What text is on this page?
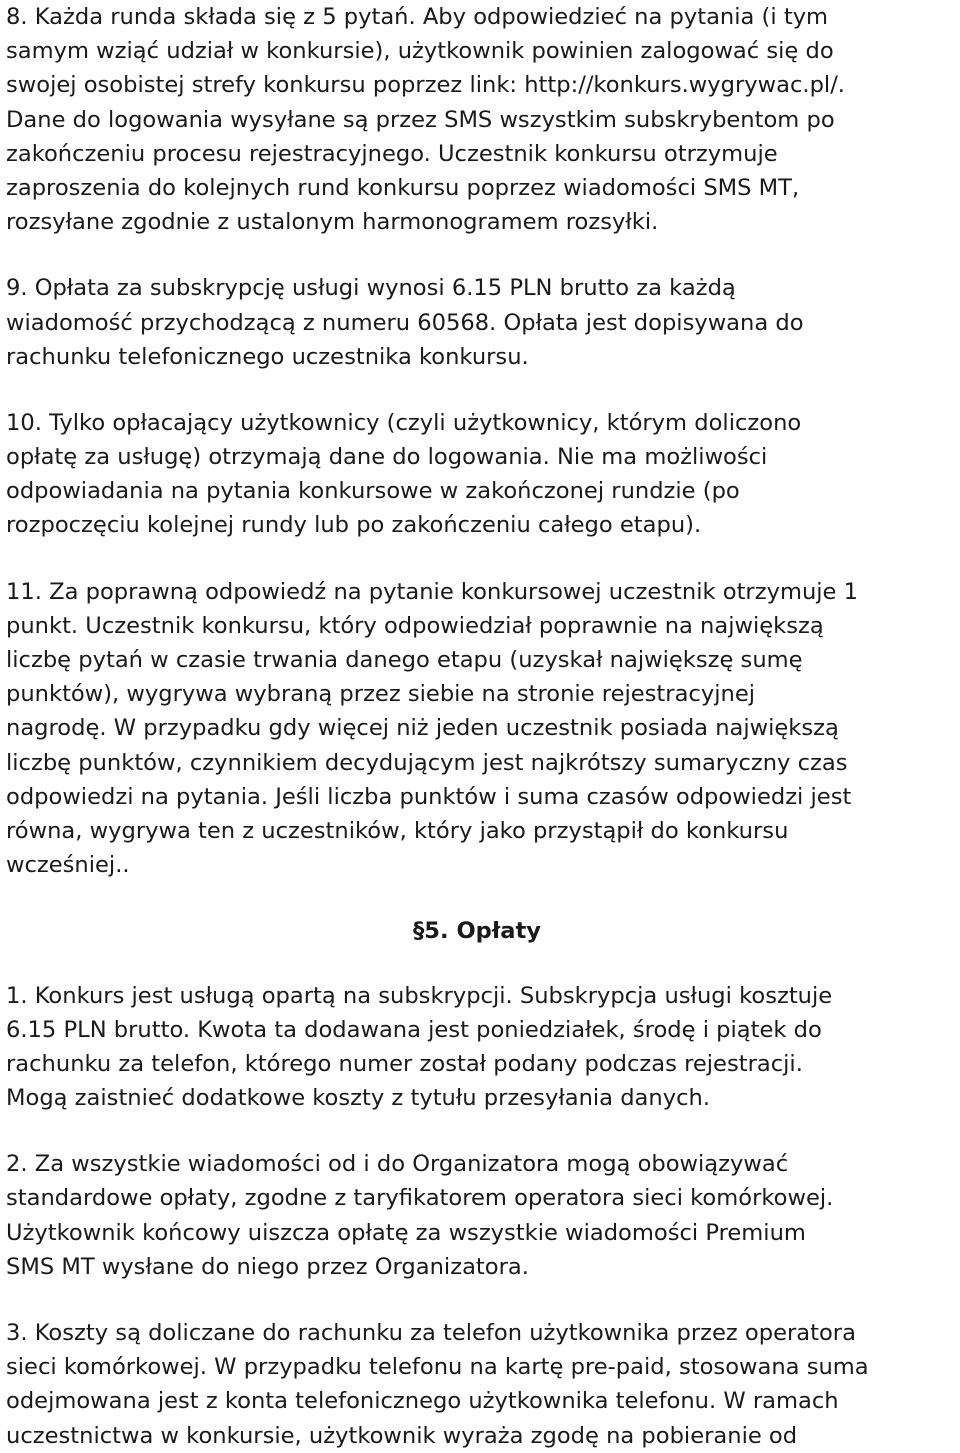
8. Każda runda składa się z 5 pytań. Aby odpowiedzieć na pytania (i tym
samym wziąć udział w konkursie), użytkownik powinien zalogować się do
swojej osobistej strefy konkursu poprzez link: http://konkurs.wygrywac.pl/.
Dane do logowania wysyłane są przez SMS wszystkim subskrybentom po
zakończeniu procesu rejestracyjnego. Uczestnik konkursu otrzymuje
zaproszenia do kolejnych rund konkursu poprzez wiadomości SMS MT,
rozsyłane zgodnie z ustalonym harmonogramem rozsyłki.
9. Opłata za subskrypcję usługi wynosi 6.15 PLN brutto za każdą
wiadomość przychodzącą z numeru 60568. Opłata jest dopisywana do
rachunku telefonicznego uczestnika konkursu.
10. Tylko opłacający użytkownicy (czyli użytkownicy, którym doliczono
opłatę za usługę) otrzymają dane do logowania. Nie ma możliwości
odpowiadania na pytania konkursowe w zakończonej rundzie (po
rozpoczęciu kolejnej rundy lub po zakończeniu całego etapu).
11. Za poprawną odpowiedź na pytanie konkursowej uczestnik otrzymuje 1
punkt. Uczestnik konkursu, który odpowiedział poprawnie na największą
liczbę pytań w czasie trwania danego etapu (uzyskał największę sumę
punktów), wygrywa wybraną przez siebie na stronie rejestracyjnej
nagrodę. W przypadku gdy więcej niż jeden uczestnik posiada największą
liczbę punktów, czynnikiem decydującym jest najkrótszy sumaryczny czas
odpowiedzi na pytania. Jeśli liczba punktów i suma czasów odpowiedzi jest
równa, wygrywa ten z uczestników, który jako przystąpił do konkursu
wcześniej..
§5. Opłaty
1. Konkurs jest usługą opartą na subskrypcji. Subskrypcja usługi kosztuje
6.15 PLN brutto. Kwota ta dodawana jest poniedziałek, środę i piątek do
rachunku za telefon, którego numer został podany podczas rejestracji.
Mogą zaistnieć dodatkowe koszty z tytułu przesyłania danych.
2. Za wszystkie wiadomości od i do Organizatora mogą obowiązywać
standardowe opłaty, zgodne z taryfikatorem operatora sieci komórkowej.
Użytkownik końcowy uiszcza opłatę za wszystkie wiadomości Premium
SMS MT wysłane do niego przez Organizatora.
3. Koszty są doliczane do rachunku za telefon użytkownika przez operatora
sieci komórkowej. W przypadku telefonu na kartę pre-paid, stosowana suma
odejmowana jest z konta telefonicznego użytkownika telefonu. W ramach
uczestnictwa w konkursie, użytkownik wyraża zgodę na pobieranie od
